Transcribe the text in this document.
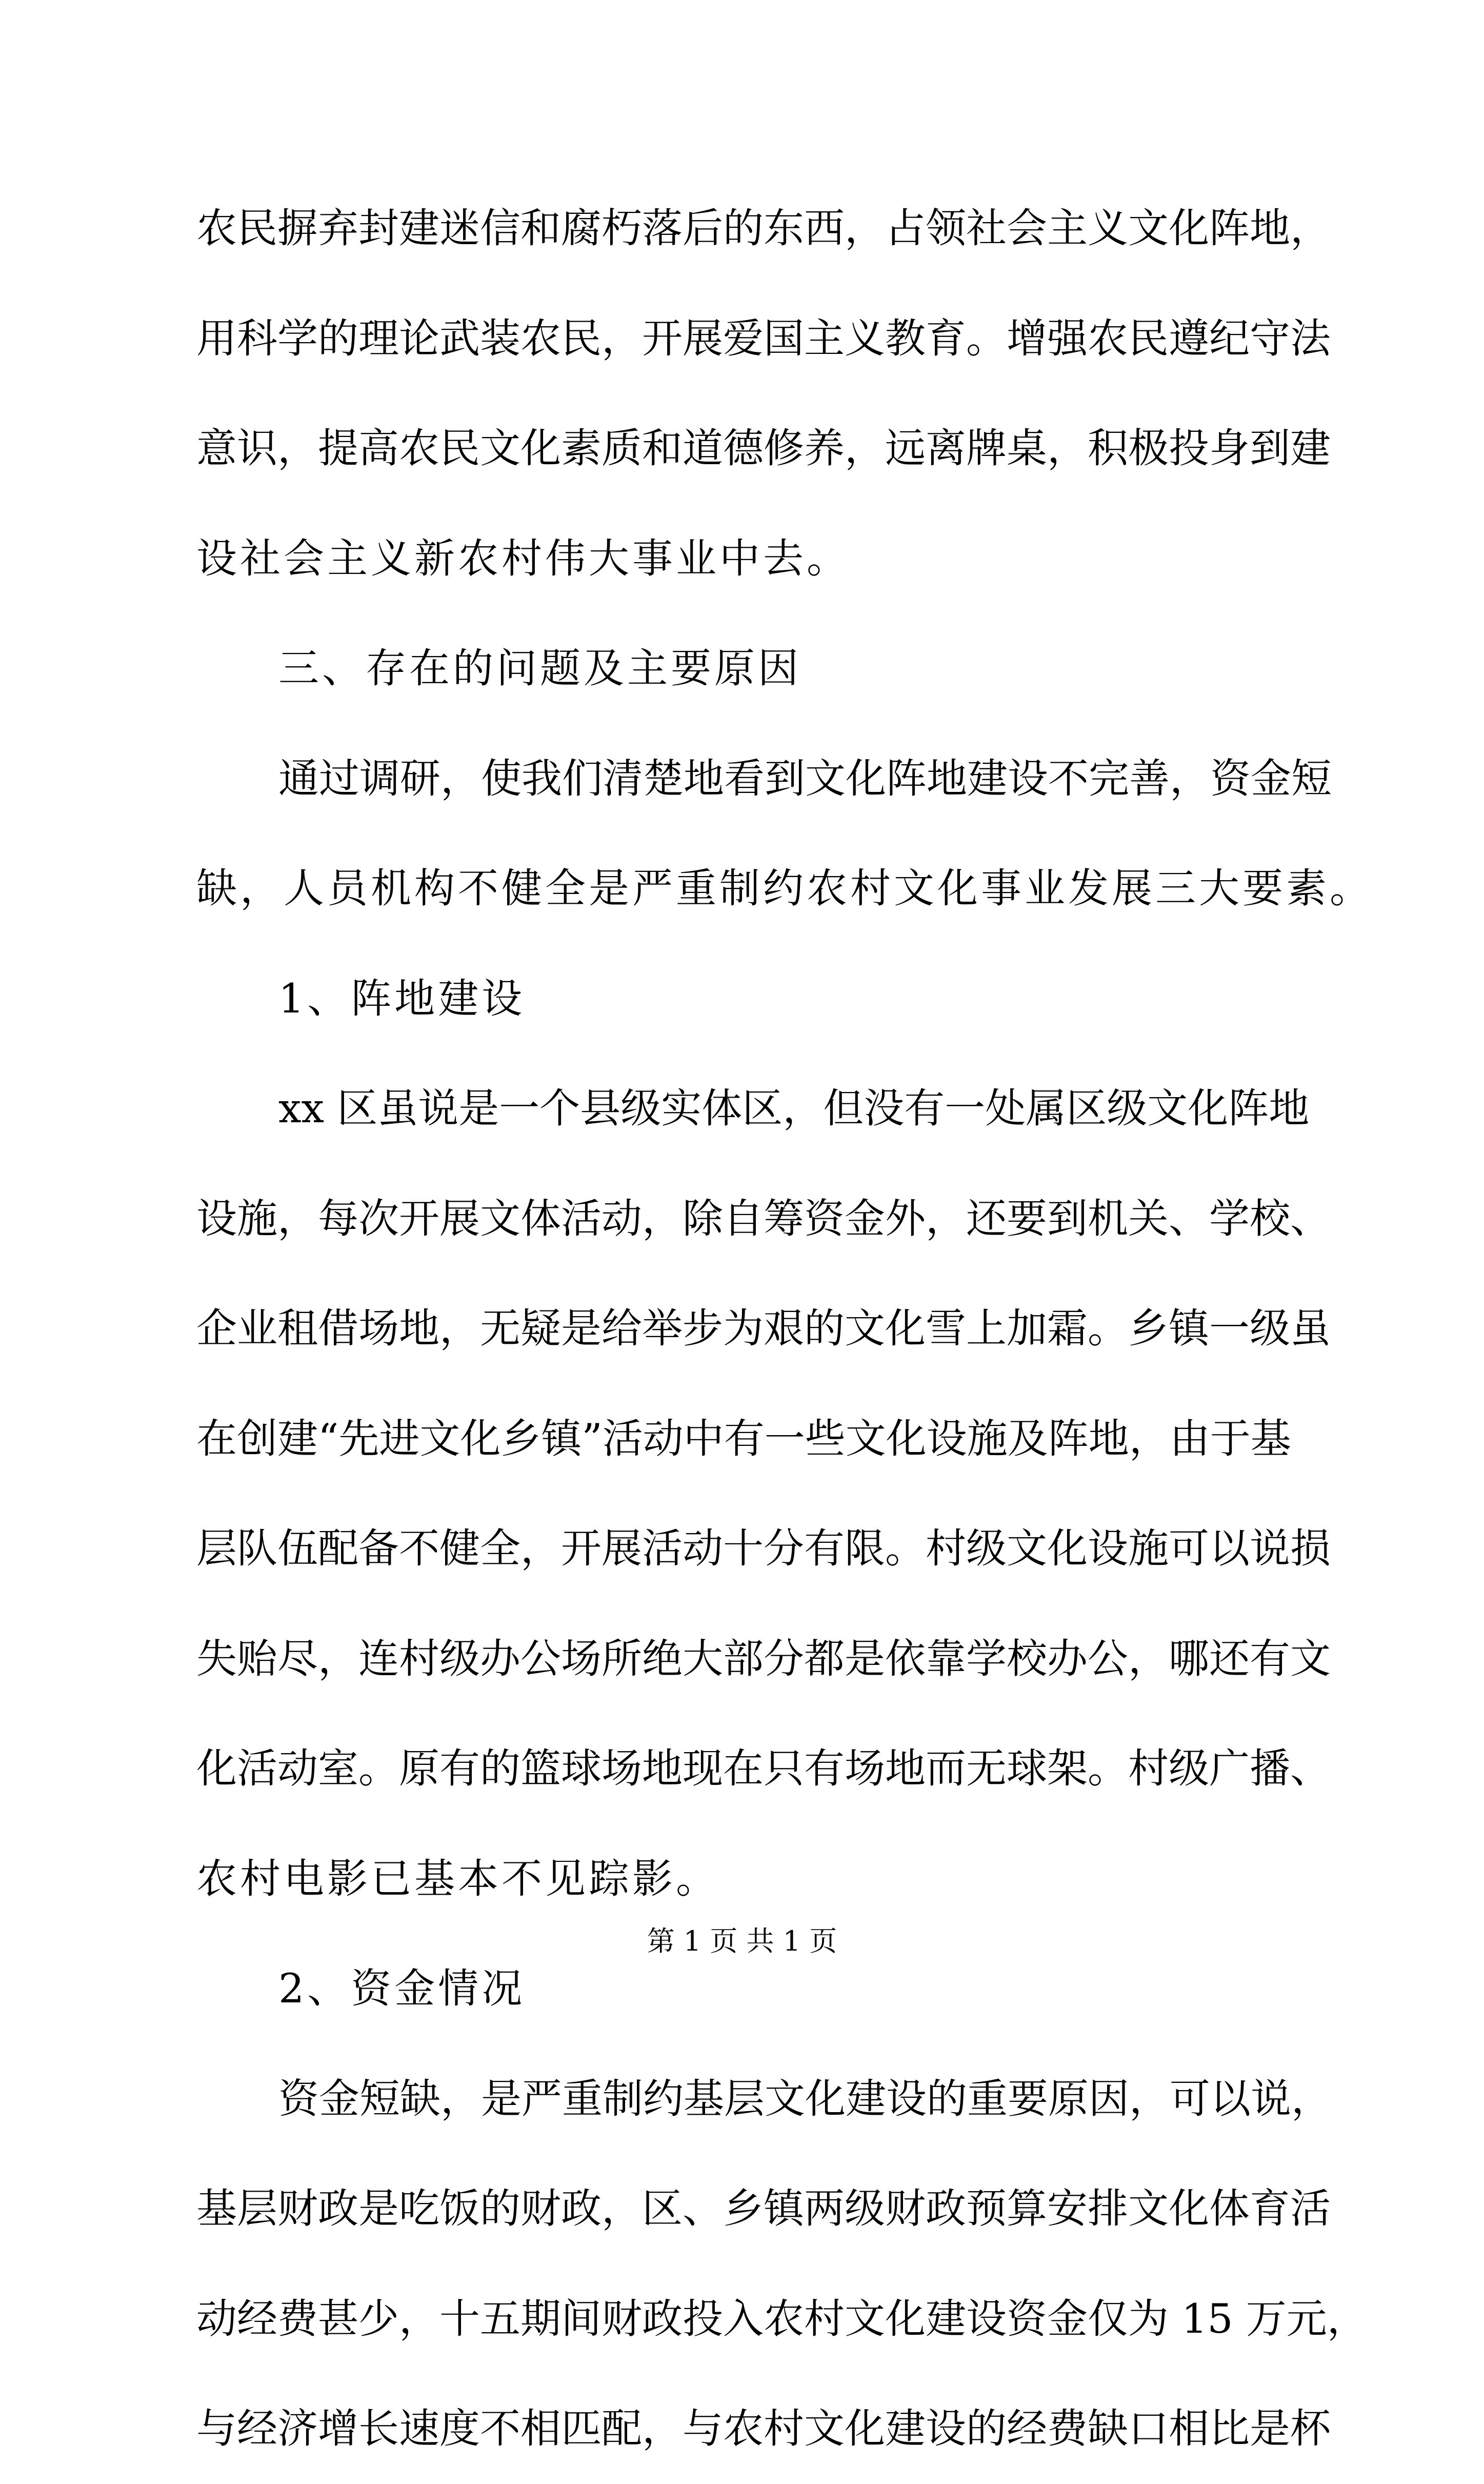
农民摒弃封建迷信和腐朽落后的东西，占领社会主义文化阵地，
用科学的理论武装农民，开展爱国主义教育。增强农民遵纪守法
意识，提高农民文化素质和道德修养，远离牌桌，积极投身到建
设社会主义新农村伟大事业中去。
三、存在的问题及主要原因
通过调研，使我们清楚地看到文化阵地建设不完善，资金短
缺，人员机构不健全是严重制约农村文化事业发展三大要素。
1、阵地建设
xx 区虽说是一个县级实体区，但没有一处属区级文化阵地
设施，每次开展文体活动，除自筹资金外，还要到机关、学校、
企业租借场地，无疑是给举步为艰的文化雪上加霜。乡镇一级虽
在创建“先进文化乡镇”活动中有一些文化设施及阵地，由于基
层队伍配备不健全，开展活动十分有限。村级文化设施可以说损
失贻尽，连村级办公场所绝大部分都是依靠学校办公，哪还有文
化活动室。原有的篮球场地现在只有场地而无球架。村级广播、
农村电影已基本不见踪影。
2、资金情况
资金短缺，是严重制约基层文化建设的重要原因，可以说，
基层财政是吃饭的财政，区、乡镇两级财政预算安排文化体育活
动经费甚少，十五期间财政投入农村文化建设资金仅为 15 万元，
与经济增长速度不相匹配，与农村文化建设的经费缺口相比是杯
第 1 页 共 1 页
